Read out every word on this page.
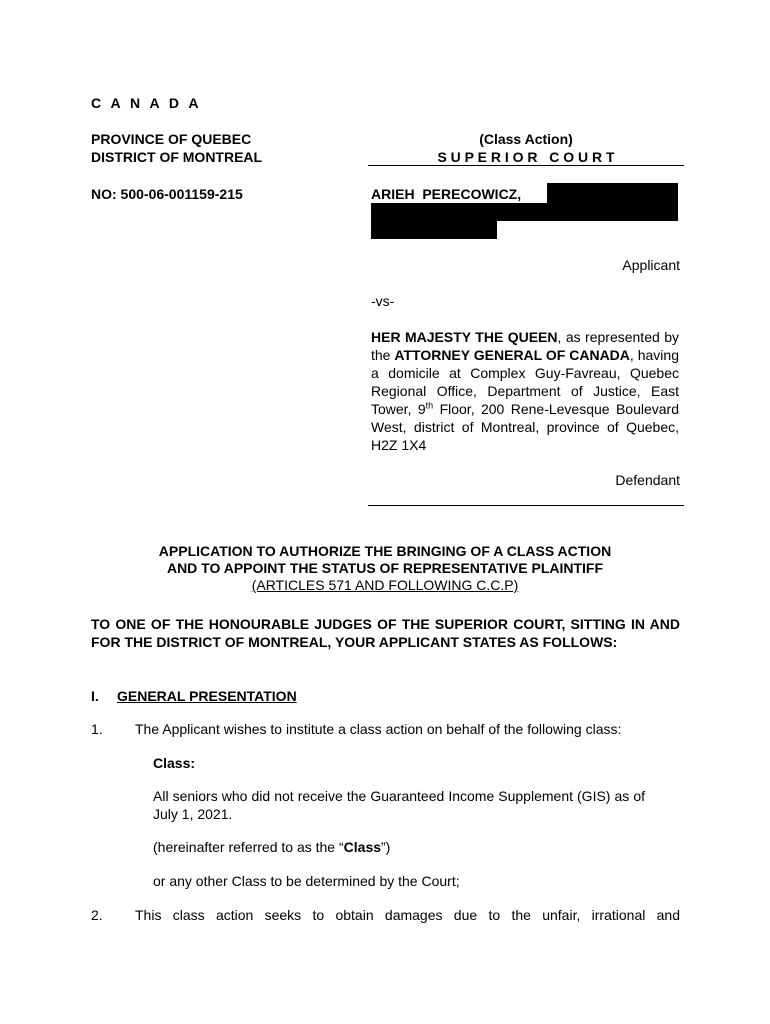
C A N A D A
PROVINCE OF QUEBEC
DISTRICT OF MONTREAL
NO: 500-06-001159-215
(Class Action)
S U P E R I O R   C O U R T
ARIEH  PERECOWICZ,
Applicant
-vs-
HER MAJESTY THE QUEEN, as represented by the ATTORNEY GENERAL OF CANADA, having a domicile at Complex Guy-Favreau, Quebec Regional Office, Department of Justice, East Tower, 9th Floor, 200 Rene-Levesque Boulevard West, district of Montreal, province of Quebec, H2Z 1X4
Defendant
APPLICATION TO AUTHORIZE THE BRINGING OF A CLASS ACTION
AND TO APPOINT THE STATUS OF REPRESENTATIVE PLAINTIFF
(ARTICLES 571 AND FOLLOWING C.C.P)
TO ONE OF THE HONOURABLE JUDGES OF THE SUPERIOR COURT, SITTING IN AND FOR THE DISTRICT OF MONTREAL, YOUR APPLICANT STATES AS FOLLOWS:
I. GENERAL PRESENTATION
1. The Applicant wishes to institute a class action on behalf of the following class:
Class:
All seniors who did not receive the Guaranteed Income Supplement (GIS) as of July 1, 2021.
(hereinafter referred to as the “Class”)
or any other Class to be determined by the Court;
2. This class action seeks to obtain damages due to the unfair, irrational and
